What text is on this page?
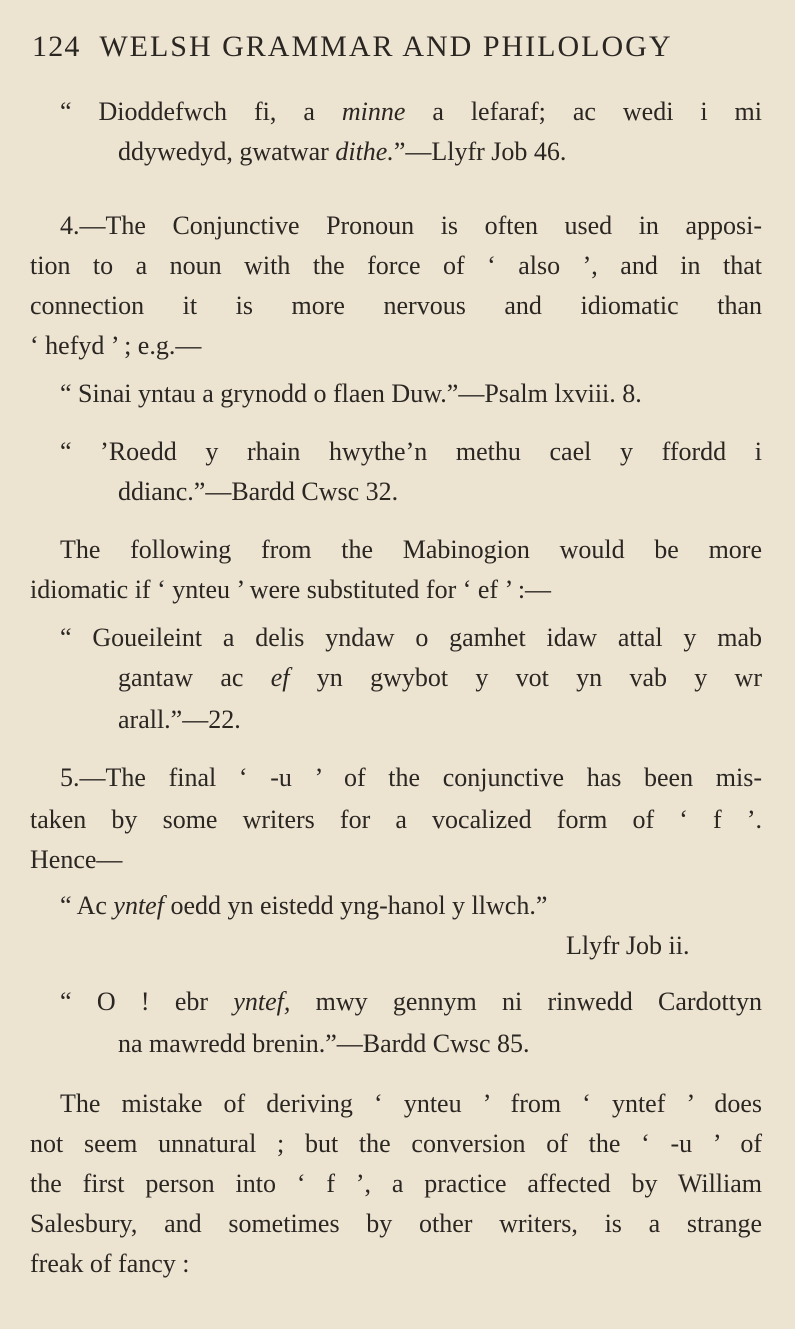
124 WELSH GRAMMAR AND PHILOLOGY
“ Dioddefwch fi, a minne a lefaraf; ac wedi i mi
ddywedyd, gwatwar dithe.”—Llyfr Job 46.
4.—The Conjunctive Pronoun is often used in apposi-
tion to a noun with the force of ‘ also ’, and in that
connection it is more nervous and idiomatic than
‘ hefyd ’ ; e.g.—
“ Sinai yntau a grynodd o flaen Duw.”—Psalm lxviii. 8.
“ ’Roedd y rhain hwythe’n methu cael y ffordd i
ddianc.”—Bardd Cwsc 32.
The following from the Mabinogion would be more
idiomatic if ‘ ynteu ’ were substituted for ‘ ef ’ :—
“ Goueileint a delis yndaw o gamhet idaw attal y mab
gantaw ac ef yn gwybot y vot yn vab y wr
arall.”—22.
5.—The final ‘ -u ’ of the conjunctive has been mis-
taken by some writers for a vocalized form of ‘ f ’.
Hence—
“ Ac yntef oedd yn eistedd yng-hanol y llwch.”
Llyfr Job ii.
“ O ! ebr yntef, mwy gennym ni rinwedd Cardottyn
na mawredd brenin.”—Bardd Cwsc 85.
The mistake of deriving ‘ ynteu ’ from ‘ yntef ’ does
not seem unnatural ; but the conversion of the ‘ -u ’ of
the first person into ‘ f ’, a practice affected by William
Salesbury, and sometimes by other writers, is a strange
freak of fancy :
